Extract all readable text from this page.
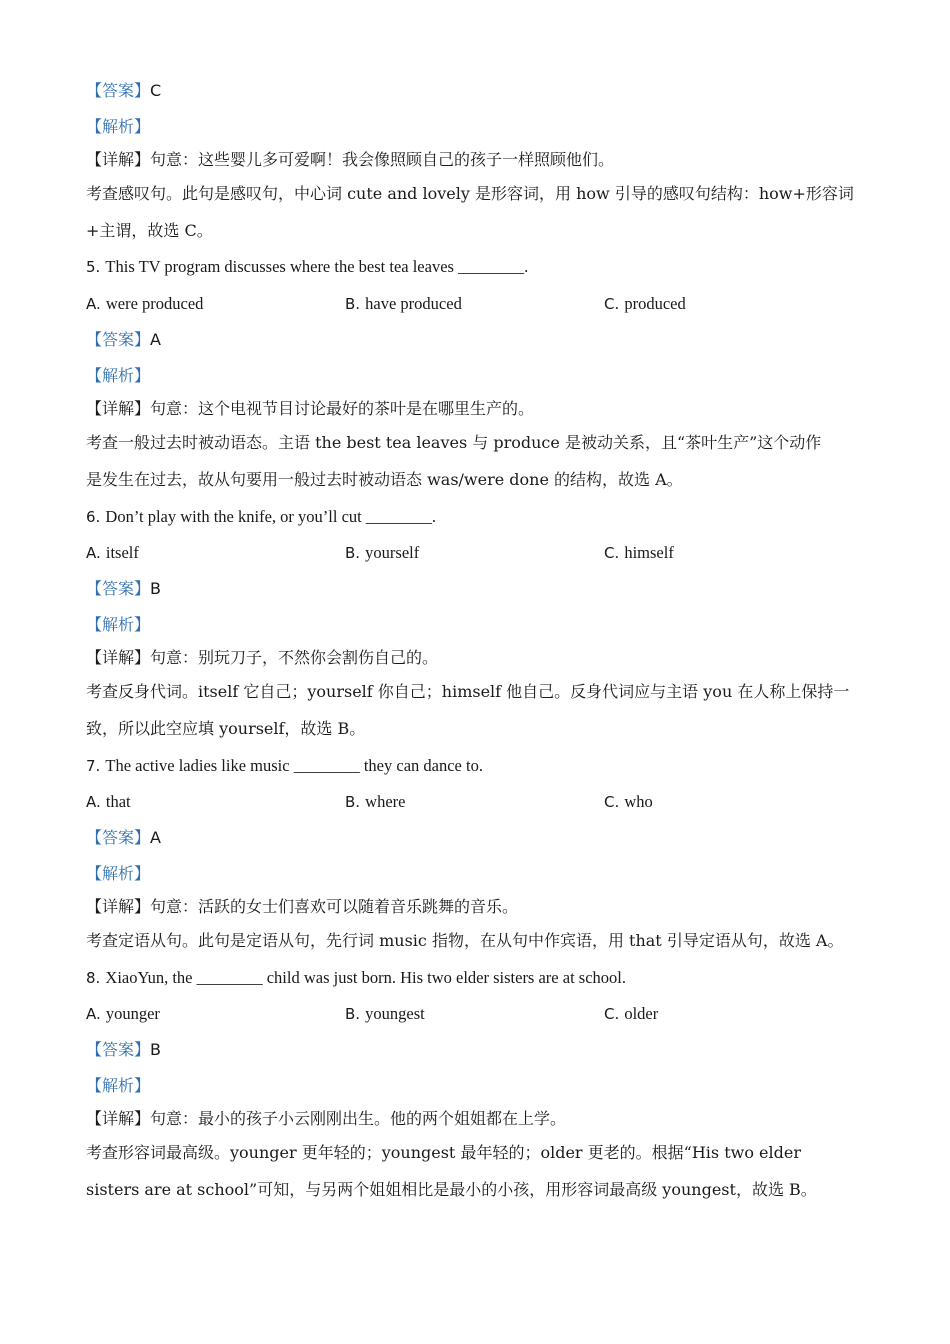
【答案】C
【解析】
【详解】句意：这些婴儿多可爱啊！我会像照顾自己的孩子一样照顾他们。
考查感叹句。此句是感叹句，中心词 cute and lovely 是形容词，用 how 引导的感叹句结构：how+形容词
+主谓，故选 C。
5. This TV program discusses where the best tea leaves ________.
A. were produced	B. have produced	C. produced
【答案】A
【解析】
【详解】句意：这个电视节目讨论最好的茶叶是在哪里生产的。
考查一般过去时被动语态。主语 the best tea leaves 与 produce 是被动关系，且“茶叶生产”这个动作
是发生在过去，故从句要用一般过去时被动语态 was/were done 的结构，故选 A。
6. Don’t play with the knife, or you’ll cut ________.
A. itself	B. yourself	C. himself
【答案】B
【解析】
【详解】句意：别玩刀子，不然你会割伤自己的。
考查反身代词。itself 它自己；yourself 你自己；himself 他自己。反身代词应与主语 you 在人称上保持一
致，所以此空应填 yourself，故选 B。
7. The active ladies like music ________ they can dance to.
A. that	B. where	C. who
【答案】A
【解析】
【详解】句意：活跃的女士们喜欢可以随着音乐跳舞的音乐。
考查定语从句。此句是定语从句，先行词 music 指物，在从句中作宾语，用 that 引导定语从句，故选 A。
8. XiaoYun, the ________ child was just born. His two elder sisters are at school.
A. younger	B. youngest	C. older
【答案】B
【解析】
【详解】句意：最小的孩子小云刚刚出生。他的两个姐姐都在上学。
考查形容词最高级。younger 更年轻的；youngest 最年轻的；older 更老的。根据“His two elder
sisters are at school”可知，与另两个姐姐相比是最小的小孩，用形容词最高级 youngest，故选 B。
